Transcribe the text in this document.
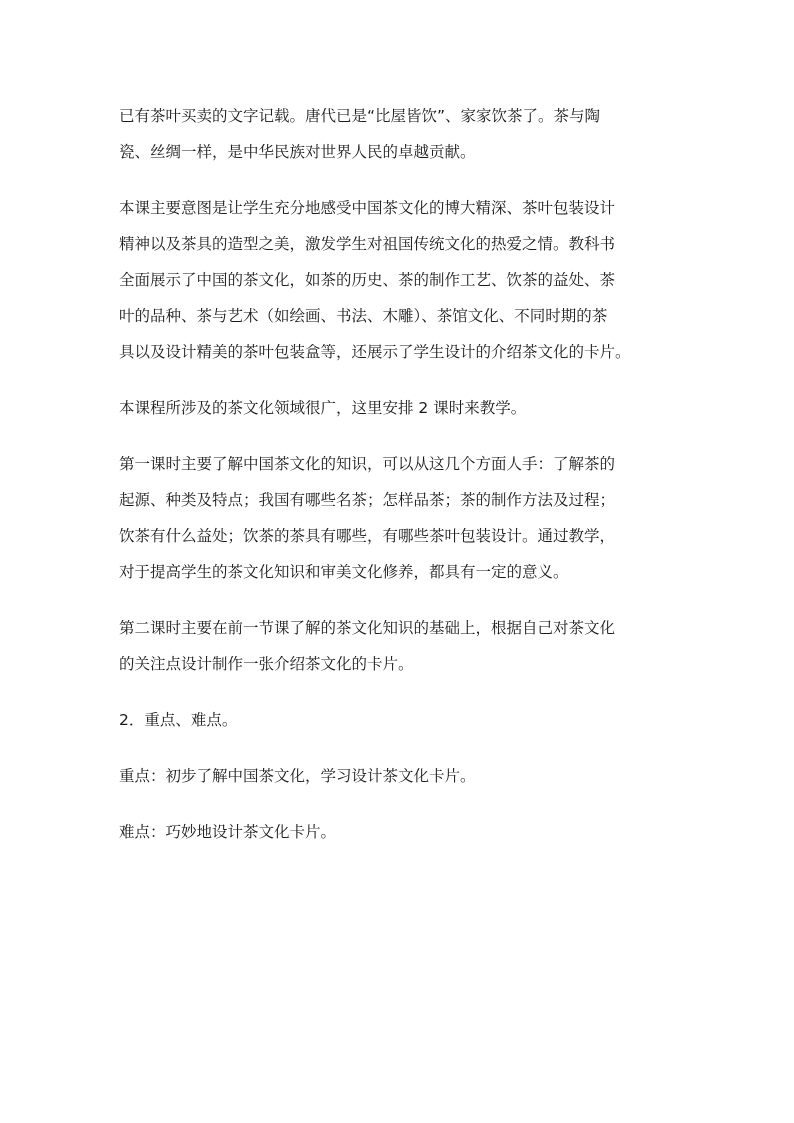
已有茶叶买卖的文字记载。唐代已是“比屋皆饮”、家家饮茶了。茶与陶
瓷、丝绸一样，是中华民族对世界人民的卓越贡献。

本课主要意图是让学生充分地感受中国茶文化的博大精深、茶叶包装设计
精神以及茶具的造型之美，激发学生对祖国传统文化的热爱之情。教科书
全面展示了中国的茶文化，如茶的历史、茶的制作工艺、饮茶的益处、茶
叶的品种、茶与艺术（如绘画、书法、木雕）、茶馆文化、不同时期的茶
具以及设计精美的茶叶包装盒等，还展示了学生设计的介绍茶文化的卡片。

本课程所涉及的茶文化领域很广，这里安排 2 课时来教学。

第一课时主要了解中国茶文化的知识，可以从这几个方面人手：了解茶的
起源、种类及特点；我国有哪些名茶；怎样品茶；茶的制作方法及过程；
饮茶有什么益处；饮茶的茶具有哪些，有哪些茶叶包装设计。通过教学，
对于提高学生的茶文化知识和审美文化修养，都具有一定的意义。

第二课时主要在前一节课了解的茶文化知识的基础上，根据自己对茶文化
的关注点设计制作一张介绍茶文化的卡片。

2．重点、难点。

重点：初步了解中国茶文化，学习设计茶文化卡片。

难点：巧妙地设计茶文化卡片。
